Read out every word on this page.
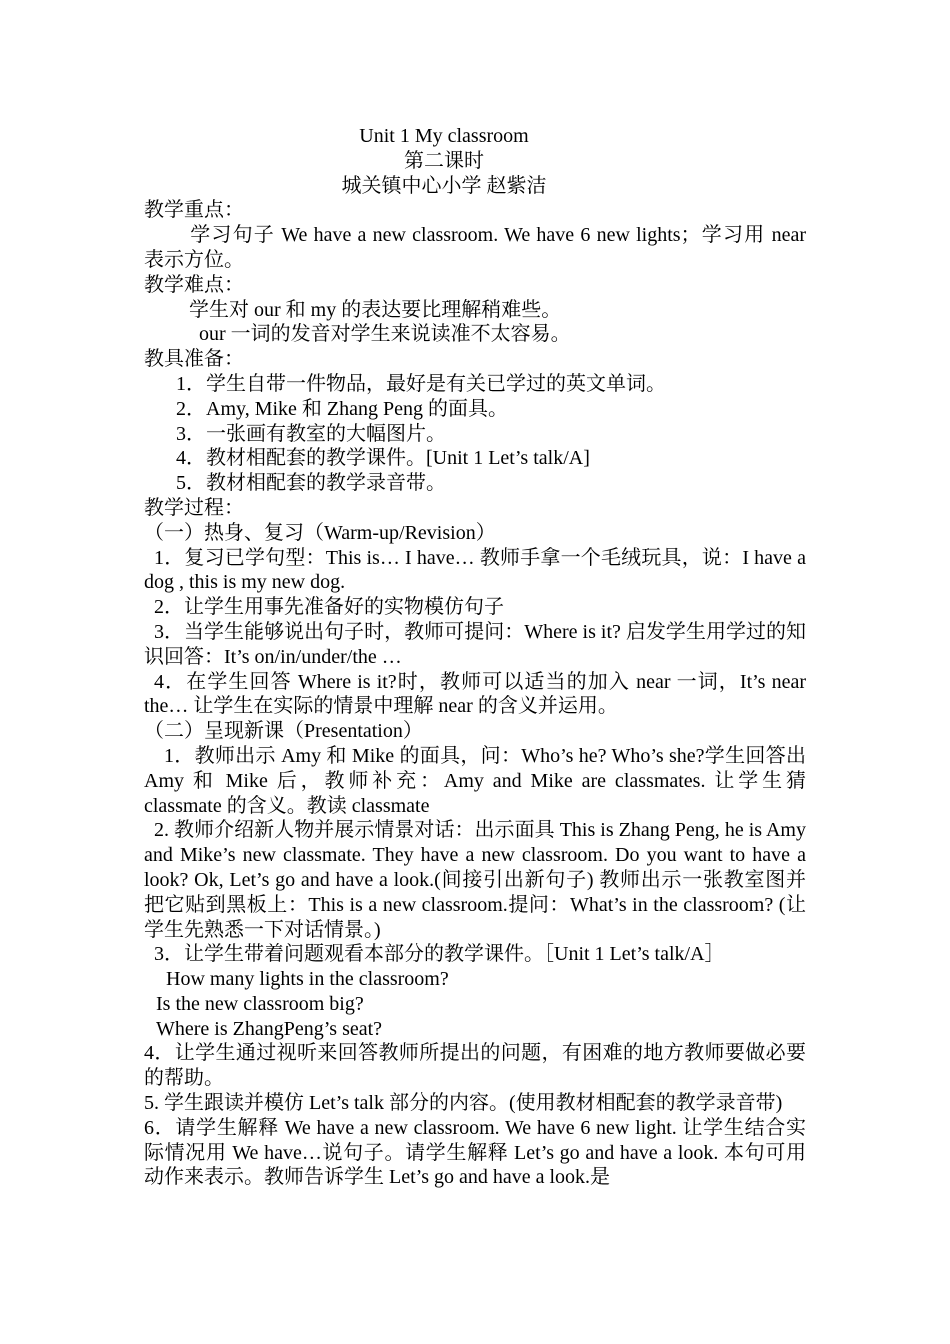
Unit 1 My classroom
第二课时
城关镇中心小学 赵紫洁
教学重点：
学习句子 We have a new classroom. We have 6 new lights；学习用 near 表示方位。
教学难点：
学生对 our 和 my 的表达要比理解稍难些。
our 一词的发音对学生来说读准不太容易。
教具准备：
1．学生自带一件物品，最好是有关已学过的英文单词。
2．Amy, Mike 和 Zhang Peng 的面具。
3．一张画有教室的大幅图片。
4．教材相配套的教学课件。[Unit 1 Let’s talk/A]
5．教材相配套的教学录音带。
教学过程：
（一）热身、复习（Warm-up/Revision）
1．复习已学句型：This is… I have… 教师手拿一个毛绒玩具，说：I have a dog , this is my new dog.
2．让学生用事先准备好的实物模仿句子
3．当学生能够说出句子时，教师可提问：Where is it? 启发学生用学过的知识回答：It’s on/in/under/the …
4．在学生回答 Where is it?时，教师可以适当的加入 near 一词，It’s near the… 让学生在实际的情景中理解 near 的含义并运用。
（二）呈现新课（Presentation）
1．教师出示 Amy 和 Mike 的面具，问：Who’s he? Who’s she?学生回答出 Amy 和 Mike 后，教师补充：Amy and Mike are classmates. 让学生猜 classmate 的含义。教读 classmate
2. 教师介绍新人物并展示情景对话：出示面具 This is Zhang Peng, he is Amy and Mike’s new classmate. They have a new classroom. Do you want to have a look? Ok, Let’s go and have a look.(间接引出新句子) 教师出示一张教室图并把它贴到黑板上：This is a new classroom.提问：What’s in the classroom? (让学生先熟悉一下对话情景。)
3．让学生带着问题观看本部分的教学课件。［Unit 1 Let’s talk/A］
How many lights in the classroom?
Is the new classroom big?
Where is ZhangPeng’s seat?
4．让学生通过视听来回答教师所提出的问题，有困难的地方教师要做必要的帮助。
5. 学生跟读并模仿 Let’s talk 部分的内容。(使用教材相配套的教学录音带)
6．请学生解释 We have a new classroom. We have 6 new light. 让学生结合实际情况用 We have…说句子。请学生解释 Let’s go and have a look. 本句可用动作来表示。教师告诉学生 Let’s go and have a look.是
